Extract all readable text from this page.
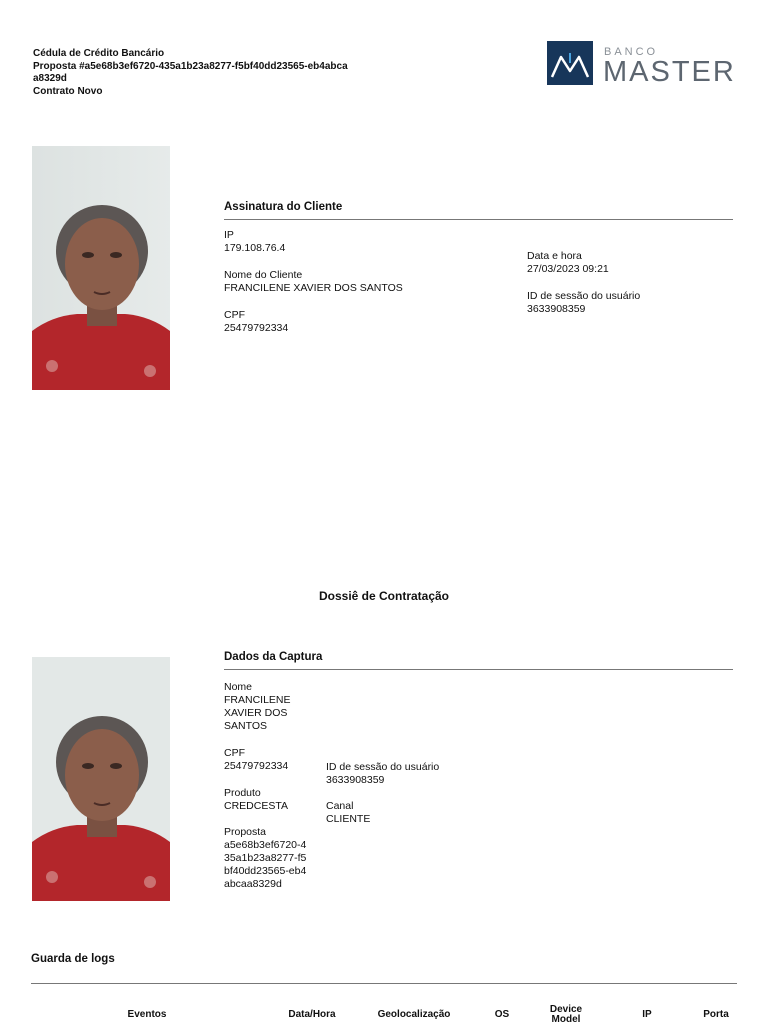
Cédula de Crédito Bancário
Proposta #a5e68b3ef6720-435a1b23a8277-f5bf40dd23565-eb4abcaa8329d
Contrato Novo
BANCO
MASTER
Assinatura do Cliente
IP
179.108.76.4
Nome do Cliente
FRANCILENE XAVIER DOS SANTOS
CPF
25479792334
Data e hora
27/03/2023 09:21
ID de sessão do usuário
3633908359
Dossiê de Contratação
Dados da Captura
Nome
FRANCILENE XAVIER DOS SANTOS
CPF
25479792334	ID de sessão do usuário
3633908359
Produto
CREDCESTA	Canal
CLIENTE
Proposta
a5e68b3ef6720-435a1b23a8277-f5bf40dd23565-eb4abcaa8329d
Guarda de logs
Eventos	Data/Hora	Geolocalização	OS	Device Model	IP	Porta
